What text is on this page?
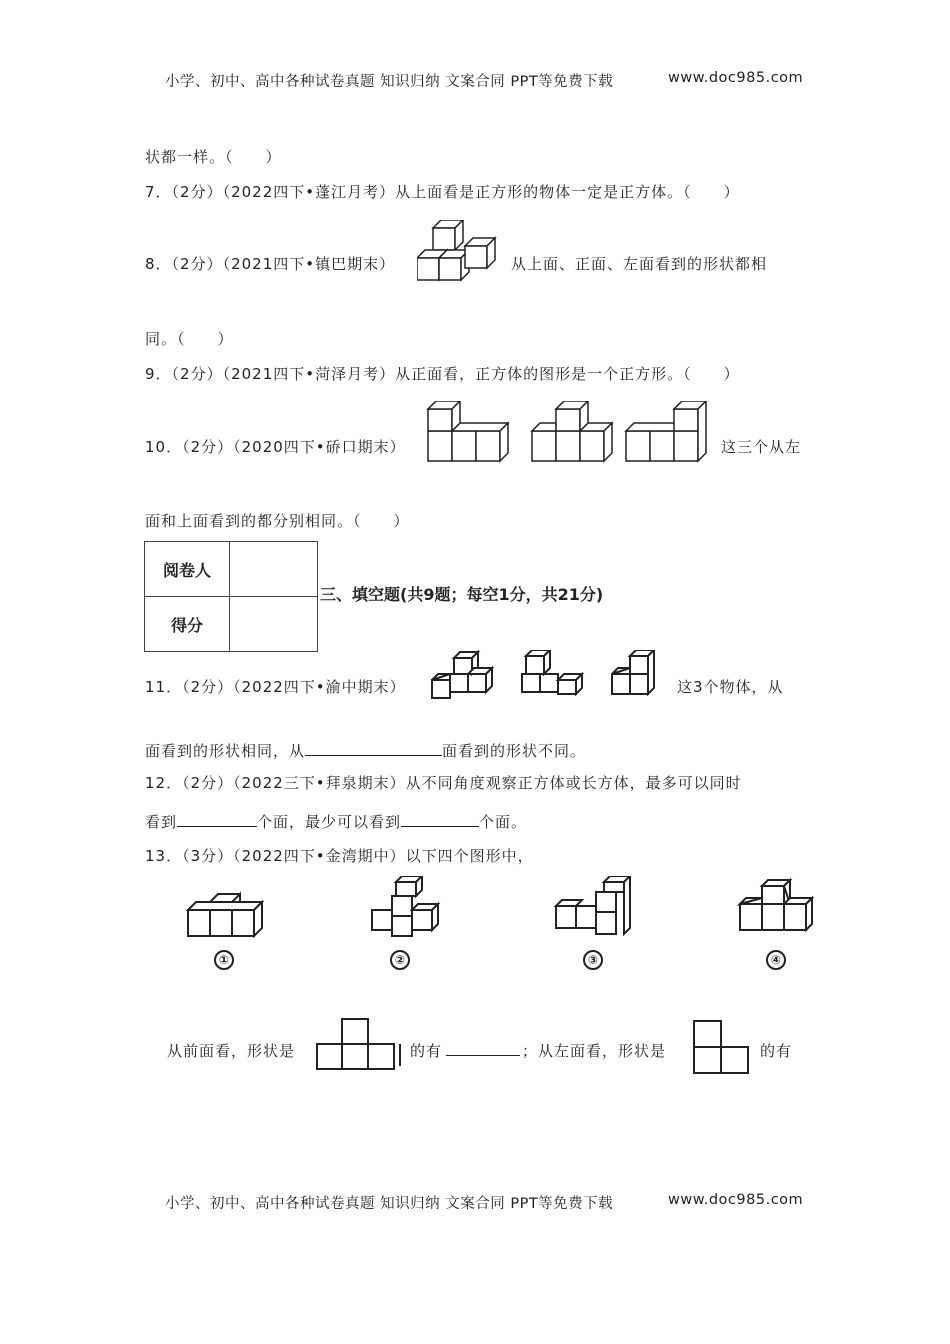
小学、初中、高中各种试卷真题 知识归纳 文案合同 PPT等免费下载	www.doc985.com
状都一样。（　　）
7．（2分）（2022四下•蓬江月考）从上面看是正方形的物体一定是正方体。（　　）
8．（2分）（2021四下•镇巴期末）	从上面、正面、左面看到的形状都相
同。（　　）
9．（2分）（2021四下•菏泽月考）从正面看，正方体的图形是一个正方形。（　　）
10．（2分）（2020四下•硚口期末）	这三个从左
面和上面看到的都分别相同。（　　）
阅卷人	
得分	
三、填空题(共9题；每空1分，共21分)
11．（2分）（2022四下•渝中期末）	这3个物体，从
面看到的形状相同，从	面看到的形状不同。
12．（2分）（2022三下•拜泉期末）从不同角度观察正方体或长方体，最多可以同时
看到	个面，最少可以看到	个面。
13．（3分）（2022四下•金湾期中）以下四个图形中，
①	②	③	④
从前面看，形状是	的有	；从左面看，形状是	的有
小学、初中、高中各种试卷真题 知识归纳 文案合同 PPT等免费下载	www.doc985.com
